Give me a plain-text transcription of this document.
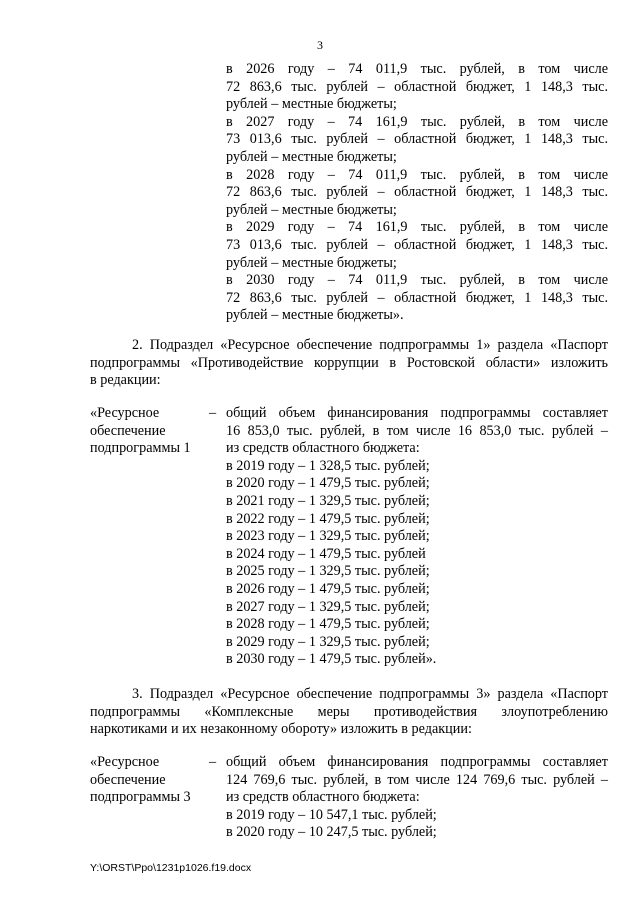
3
в 2026 году – 74 011,9 тыс. рублей, в том числе
72 863,6 тыс. рублей – областной бюджет, 1 148,3 тыс.
рублей – местные бюджеты;
в 2027 году – 74 161,9 тыс. рублей, в том числе
73 013,6 тыс. рублей – областной бюджет, 1 148,3 тыс.
рублей – местные бюджеты;
в 2028 году – 74 011,9 тыс. рублей, в том числе
72 863,6 тыс. рублей – областной бюджет, 1 148,3 тыс.
рублей – местные бюджеты;
в 2029 году – 74 161,9 тыс. рублей, в том числе
73 013,6 тыс. рублей – областной бюджет, 1 148,3 тыс.
рублей – местные бюджеты;
в 2030 году – 74 011,9 тыс. рублей, в том числе
72 863,6 тыс. рублей – областной бюджет, 1 148,3 тыс.
рублей – местные бюджеты».
2. Подраздел «Ресурсное обеспечение подпрограммы 1» раздела «Паспорт
подпрограммы «Противодействие коррупции в Ростовской области» изложить
в редакции:
«Ресурсное
обеспечение
подпрограммы 1
– общий объем финансирования подпрограммы составляет
16 853,0 тыс. рублей, в том числе 16 853,0 тыс. рублей –
из средств областного бюджета:
в 2019 году – 1 328,5 тыс. рублей;
в 2020 году – 1 479,5 тыс. рублей;
в 2021 году – 1 329,5 тыс. рублей;
в 2022 году – 1 479,5 тыс. рублей;
в 2023 году – 1 329,5 тыс. рублей;
в 2024 году – 1 479,5 тыс. рублей
в 2025 году – 1 329,5 тыс. рублей;
в 2026 году – 1 479,5 тыс. рублей;
в 2027 году – 1 329,5 тыс. рублей;
в 2028 году – 1 479,5 тыс. рублей;
в 2029 году – 1 329,5 тыс. рублей;
в 2030 году – 1 479,5 тыс. рублей».
3. Подраздел «Ресурсное обеспечение подпрограммы 3» раздела «Паспорт
подпрограммы «Комплексные меры противодействия злоупотреблению
наркотиками и их незаконному обороту» изложить в редакции:
«Ресурсное
обеспечение
подпрограммы 3
– общий объем финансирования подпрограммы составляет
124 769,6 тыс. рублей, в том числе 124 769,6 тыс. рублей –
из средств областного бюджета:
в 2019 году – 10 547,1 тыс. рублей;
в 2020 году – 10 247,5 тыс. рублей;
Y:\ORST\Ppo\1231p1026.f19.docx
